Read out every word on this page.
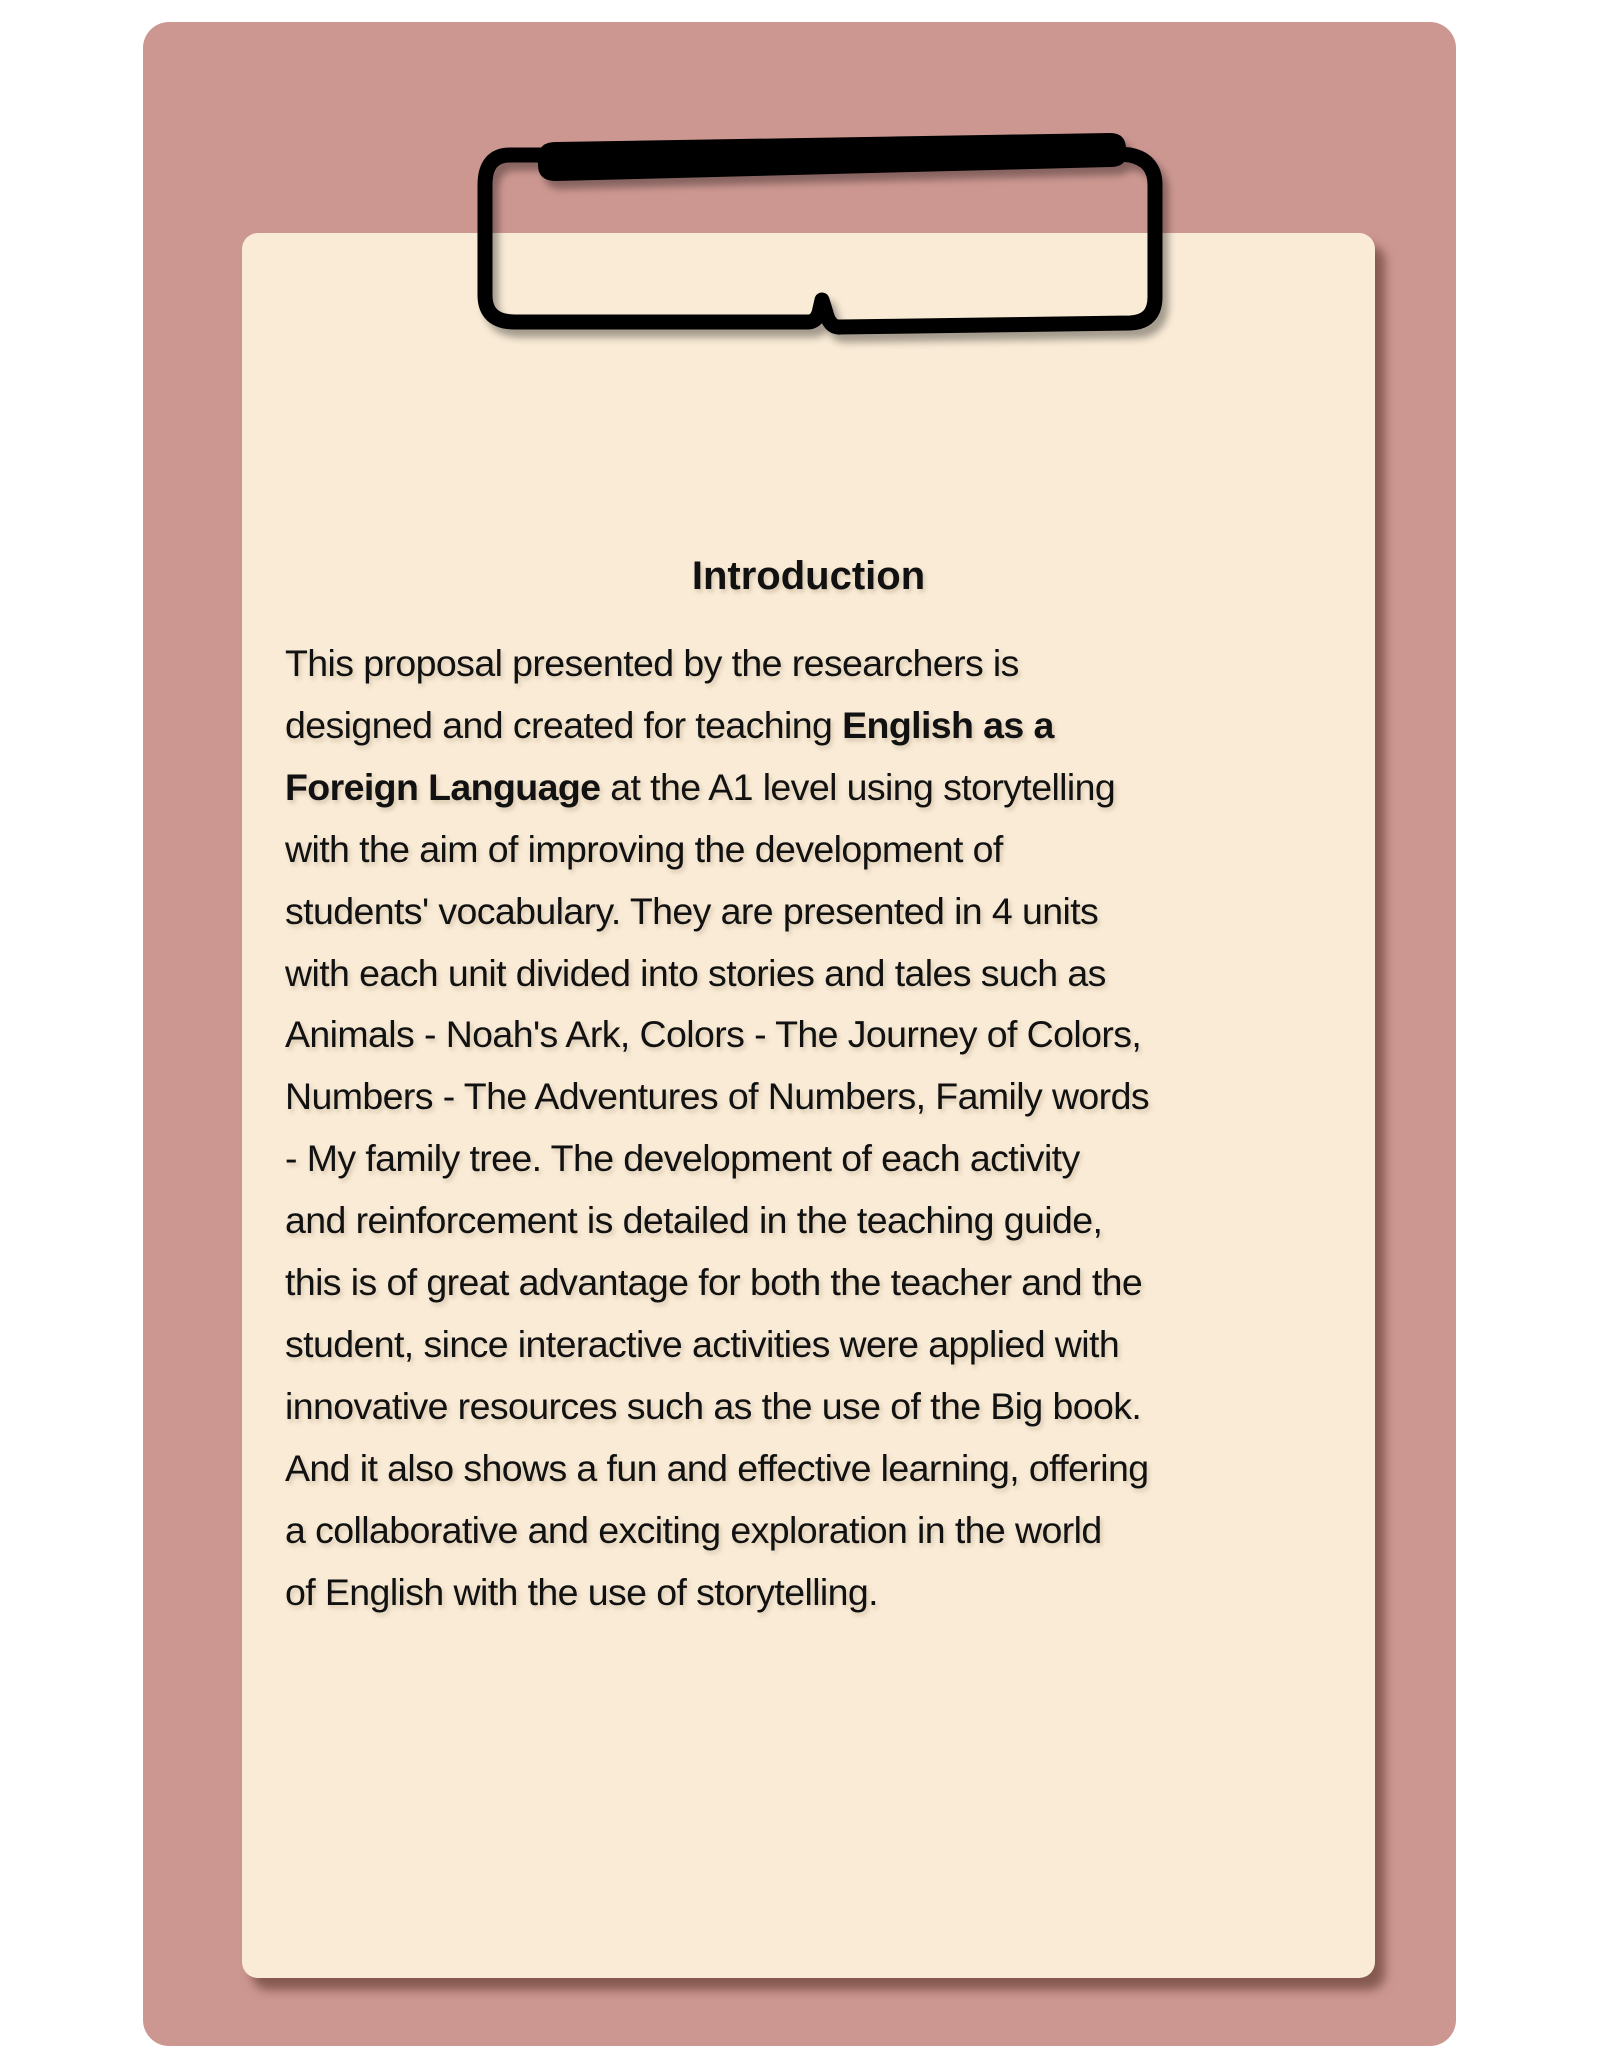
Introduction
This proposal presented by the researchers is
designed and created for teaching English as a
Foreign Language at the A1 level using storytelling
with the aim of improving the development of
students' vocabulary. They are presented in 4 units
with each unit divided into stories and tales such as
Animals - Noah's Ark, Colors - The Journey of Colors,
Numbers - The Adventures of Numbers, Family words
- My family tree. The development of each activity
and reinforcement is detailed in the teaching guide,
this is of great advantage for both the teacher and the
student, since interactive activities were applied with
innovative resources such as the use of the Big book.
And it also shows a fun and effective learning, offering
a collaborative and exciting exploration in the world
of English with the use of storytelling.
